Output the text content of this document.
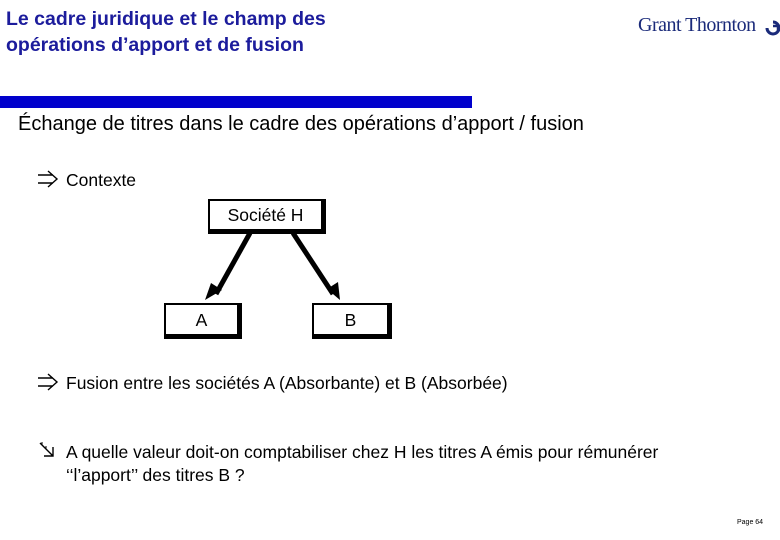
Le cadre juridique et le champ des
opérations d’apport et de fusion
Grant Thornton
Échange de titres dans le cadre des opérations d’apport / fusion
Contexte
Société H
A	B
Fusion entre les sociétés A (Absorbante) et B (Absorbée)
A quelle valeur doit-on comptabiliser chez H les titres A émis pour rémunérer
‘‘l’apport’’ des titres B ?
Page 64
